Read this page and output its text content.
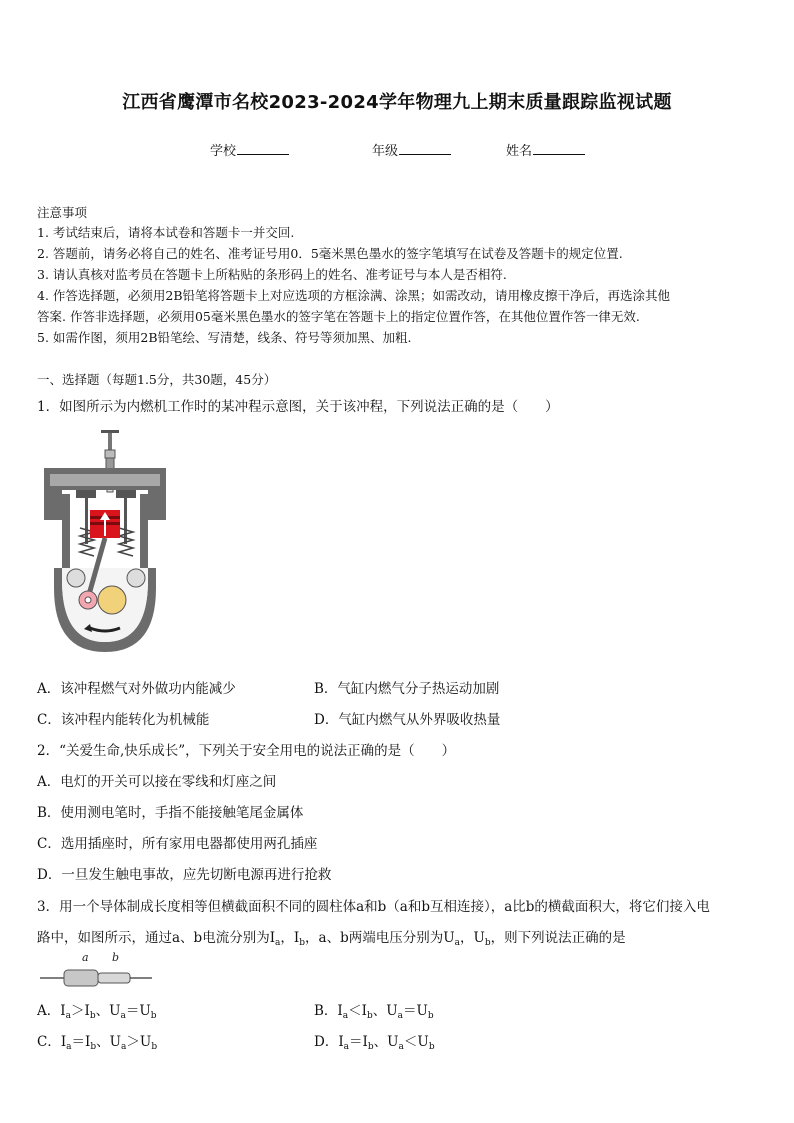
江西省鹰潭市名校2023-2024学年物理九上期末质量跟踪监视试题
学校	年级	姓名
注意事项
1. 考试结束后，请将本试卷和答题卡一并交回.
2. 答题前，请务必将自己的姓名、准考证号用0．5毫米黑色墨水的签字笔填写在试卷及答题卡的规定位置.
3. 请认真核对监考员在答题卡上所粘贴的条形码上的姓名、准考证号与本人是否相符.
4. 作答选择题，必须用2B铅笔将答题卡上对应选项的方框涂满、涂黑；如需改动，请用橡皮擦干净后，再选涂其他
答案. 作答非选择题，必须用05毫米黑色墨水的签字笔在答题卡上的指定位置作答，在其他位置作答一律无效.
5. 如需作图，须用2B铅笔绘、写清楚，线条、符号等须加黑、加粗.
一、选择题（每题1.5分，共30题，45分）
1．如图所示为内燃机工作时的某冲程示意图，关于该冲程，下列说法正确的是（　　）
A．该冲程燃气对外做功内能减少	B．气缸内燃气分子热运动加剧
C．该冲程内能转化为机械能	D．气缸内燃气从外界吸收热量
2．“关爱生命,快乐成长”，下列关于安全用电的说法正确的是（　　）
A．电灯的开关可以接在零线和灯座之间
B．使用测电笔时，手指不能接触笔尾金属体
C．选用插座时，所有家用电器都使用两孔插座
D．一旦发生触电事故，应先切断电源再进行抢救
3．用一个导体制成长度相等但横截面积不同的圆柱体a和b（a和b互相连接），a比b的横截面积大，将它们接入电
路中，如图所示，通过a、b电流分别为$I_a$，$I_b$，a、b两端电压分别为$U_a$，$U_b$，则下列说法正确的是
a b
A．$I_a>I_b$、$U_a=U_b$	B．$I_a<I_b$、$U_a=U_b$
C．$I_a=I_b$、$U_a>U_b$	D．$I_a=I_b$、$U_a<U_b$
